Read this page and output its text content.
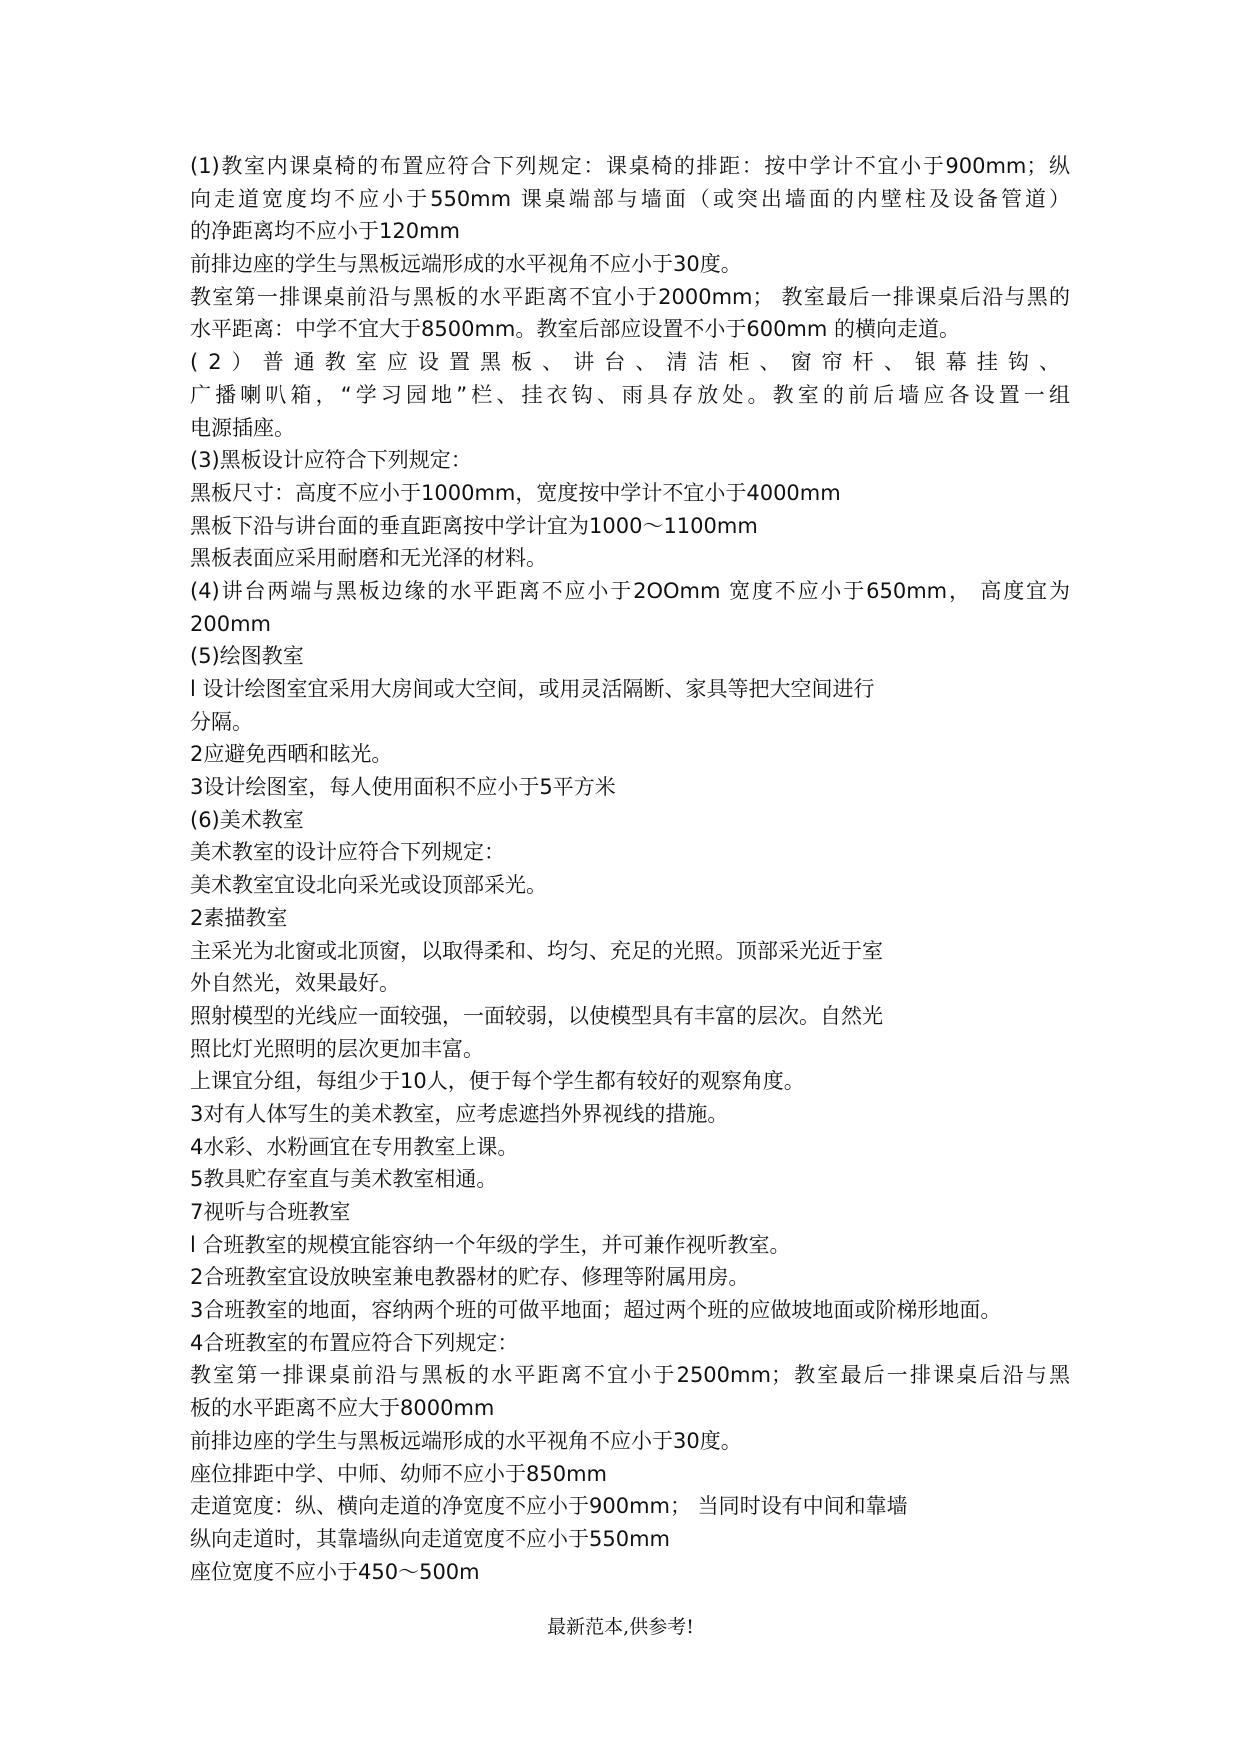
(1)教室内课桌椅的布置应符合下列规定：课桌椅的排距：按中学计不宜小于900mm；纵
向走道宽度均不应小于550mm 课桌端部与墙面（或突出墙面的内壁柱及设备管道）
的净距离均不应小于120mm
前排边座的学生与黑板远端形成的水平视角不应小于30度。
教室第一排课桌前沿与黑板的水平距离不宜小于2000mm； 教室最后一排课桌后沿与黑的
水平距离：中学不宜大于8500mm。教室后部应设置不小于600mm 的横向走道。
(2）普通教室应设置黑板、讲台、清洁柜、窗帘杆、银幕挂钩、
广播喇叭箱，“学习园地”栏、挂衣钩、雨具存放处。教室的前后墙应各设置一组
电源插座。
(3)黑板设计应符合下列规定：
黑板尺寸：高度不应小于1000mm，宽度按中学计不宜小于4000mm
黑板下沿与讲台面的垂直距离按中学计宜为1000～1100mm
黑板表面应采用耐磨和无光泽的材料。
(4)讲台两端与黑板边缘的水平距离不应小于2OOmm 宽度不应小于650mm， 高度宜为
200mm
(5)绘图教室
l 设计绘图室宜采用大房间或大空间，或用灵活隔断、家具等把大空间进行
分隔。
2应避免西晒和眩光。
3设计绘图室，每人使用面积不应小于5平方米
(6)美术教室
美术教室的设计应符合下列规定：
美术教室宜设北向采光或设顶部采光。
2素描教室
主采光为北窗或北顶窗，以取得柔和、均匀、充足的光照。顶部采光近于室
外自然光，效果最好。
照射模型的光线应一面较强，一面较弱，以使模型具有丰富的层次。自然光
照比灯光照明的层次更加丰富。
上课宜分组，每组少于10人，便于每个学生都有较好的观察角度。
3对有人体写生的美术教室，应考虑遮挡外界视线的措施。
4水彩、水粉画宜在专用教室上课。
5教具贮存室直与美术教室相通。
7视听与合班教室
l 合班教室的规模宜能容纳一个年级的学生，并可兼作视听教室。
2合班教室宜设放映室兼电教器材的贮存、修理等附属用房。
3合班教室的地面，容纳两个班的可做平地面；超过两个班的应做坡地面或阶梯形地面。
4合班教室的布置应符合下列规定：
教室第一排课桌前沿与黑板的水平距离不宜小于2500mm；教室最后一排课桌后沿与黑
板的水平距离不应大于8000mm
前排边座的学生与黑板远端形成的水平视角不应小于30度。
座位排距中学、中师、幼师不应小于850mm
走道宽度：纵、横向走道的净宽度不应小于900mm； 当同时设有中间和靠墙
纵向走道时，其靠墙纵向走道宽度不应小于550mm
座位宽度不应小于450～500m
最新范本,供参考!
